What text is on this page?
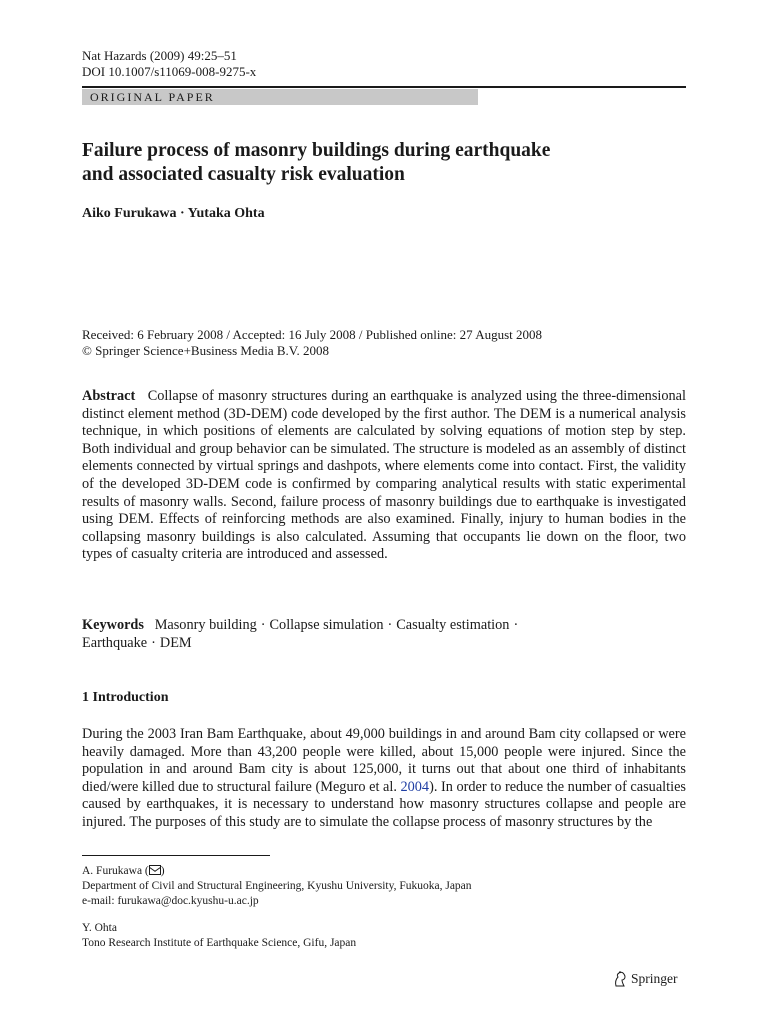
Nat Hazards (2009) 49:25–51
DOI 10.1007/s11069-008-9275-x
ORIGINAL PAPER
Failure process of masonry buildings during earthquake
and associated casualty risk evaluation
Aiko Furukawa · Yutaka Ohta
Received: 6 February 2008 / Accepted: 16 July 2008 / Published online: 27 August 2008
© Springer Science+Business Media B.V. 2008
Abstract Collapse of masonry structures during an earthquake is analyzed using the three-dimensional distinct element method (3D-DEM) code developed by the first author. The DEM is a numerical analysis technique, in which positions of elements are calculated by solving equations of motion step by step. Both individual and group behavior can be simulated. The structure is modeled as an assembly of distinct elements connected by virtual springs and dashpots, where elements come into contact. First, the validity of the developed 3D-DEM code is confirmed by comparing analytical results with static experimental results of masonry walls. Second, failure process of masonry buildings due to earthquake is investigated using DEM. Effects of reinforcing methods are also examined. Finally, injury to human bodies in the collapsing masonry buildings is also calculated. Assuming that occupants lie down on the floor, two types of casualty criteria are introduced and assessed.
Keywords Masonry building · Collapse simulation · Casualty estimation ·
Earthquake · DEM
1 Introduction
During the 2003 Iran Bam Earthquake, about 49,000 buildings in and around Bam city collapsed or were heavily damaged. More than 43,200 people were killed, about 15,000 people were injured. Since the population in and around Bam city is about 125,000, it turns out that about one third of inhabitants died/were killed due to structural failure (Meguro et al. 2004). In order to reduce the number of casualties caused by earthquakes, it is necessary to understand how masonry structures collapse and people are injured. The purposes of this study are to simulate the collapse process of masonry structures by the
A. Furukawa ( )
Department of Civil and Structural Engineering, Kyushu University, Fukuoka, Japan
e-mail: furukawa@doc.kyushu-u.ac.jp
Y. Ohta
Tono Research Institute of Earthquake Science, Gifu, Japan
Springer
